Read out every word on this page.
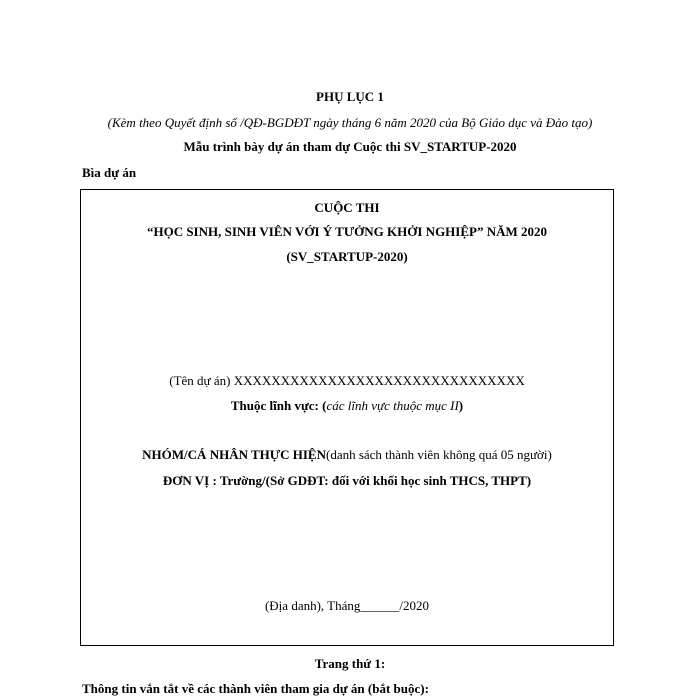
PHỤ LỤC 1
(Kèm theo Quyết định số /QĐ-BGDĐT ngày tháng 6 năm 2020 của Bộ Giáo dục và Đào tạo)
Mẫu trình bày dự án tham dự Cuộc thi SV_STARTUP-2020
Bìa dự án
CUỘC THI
“HỌC SINH, SINH VIÊN VỚI Ý TƯỞNG KHỞI NGHIỆP” NĂM 2020
(SV_STARTUP-2020)
(Tên dự án) XXXXXXXXXXXXXXXXXXXXXXXXXXXXXXX
Thuộc lĩnh vực: (các lĩnh vực thuộc mục II)
NHÓM/CÁ NHÂN THỰC HIỆN(danh sách thành viên không quá 05 người)
ĐƠN VỊ : Trường/(Sở GDĐT: đối với khối học sinh THCS, THPT)
(Địa danh), Tháng______/2020
Trang thứ 1:
Thông tin vắn tắt về các thành viên tham gia dự án (bắt buộc):
